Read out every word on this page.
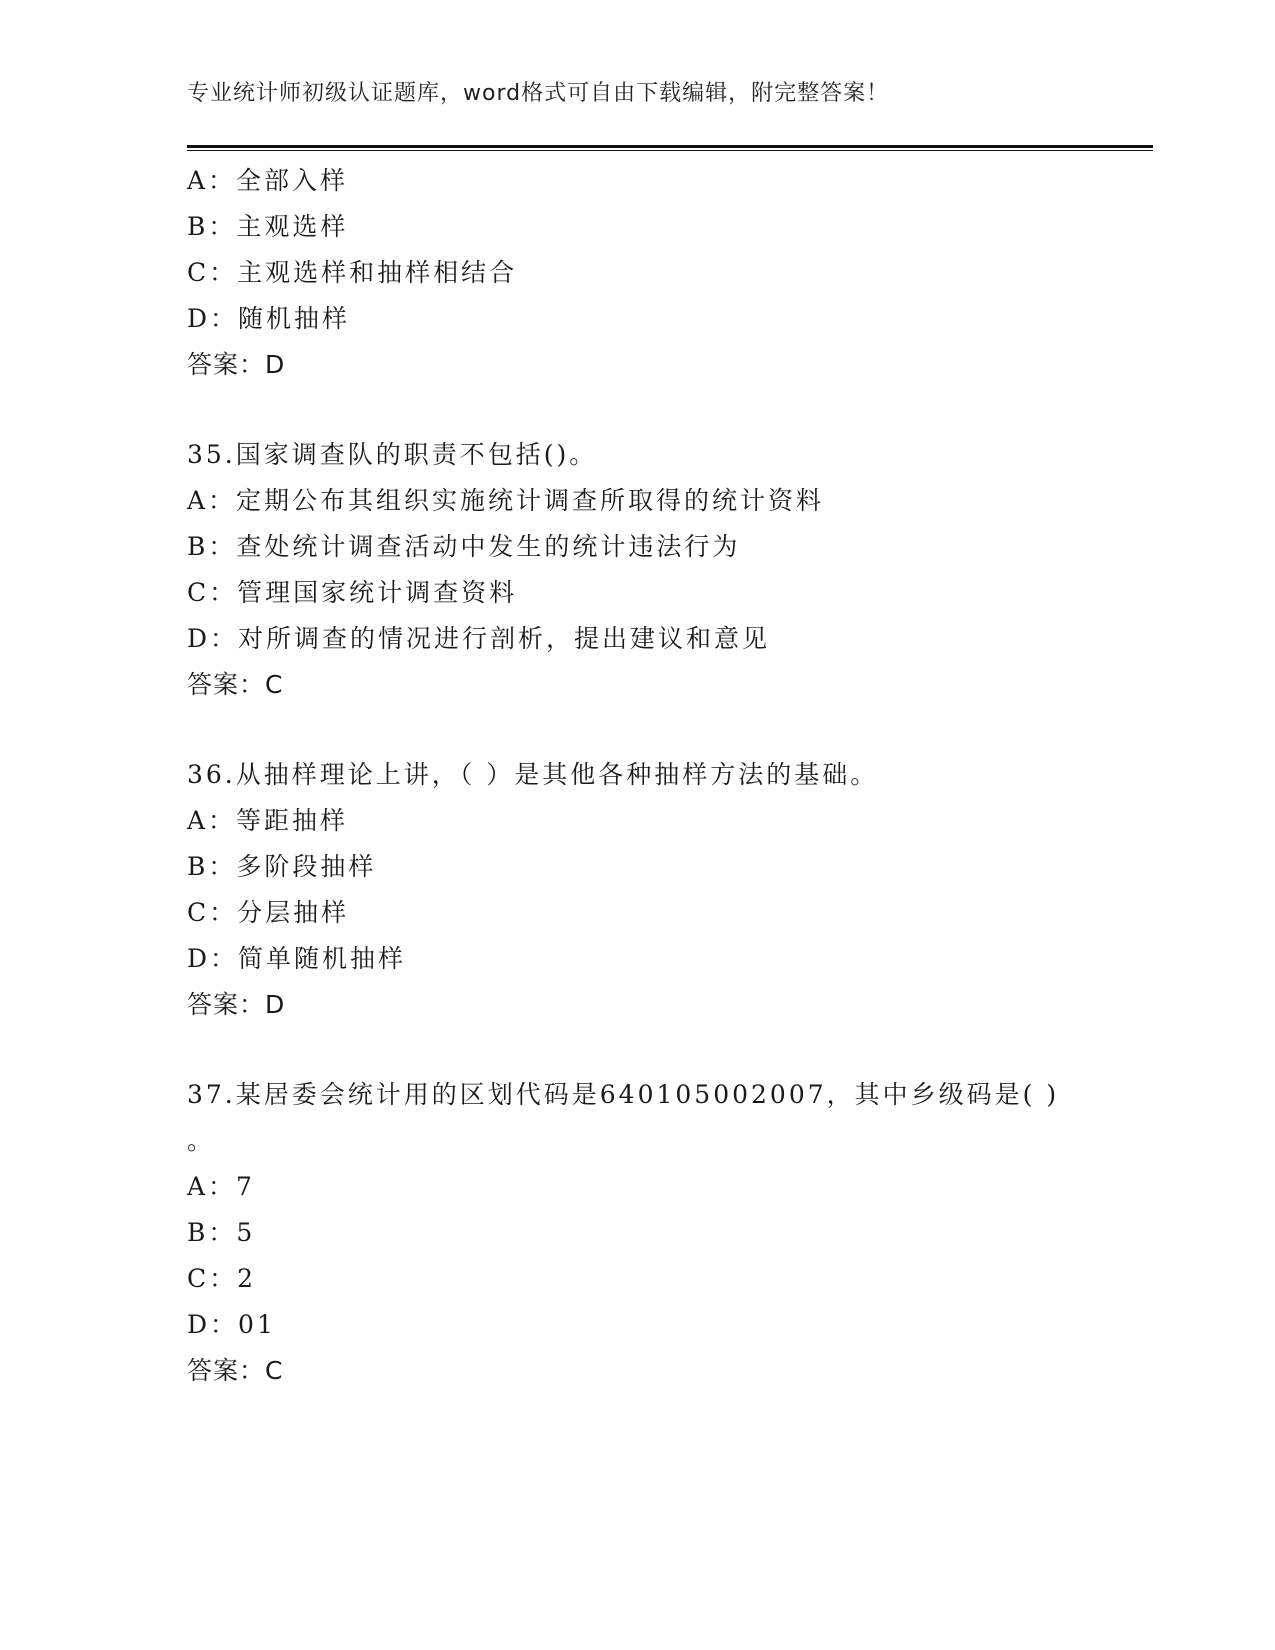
专业统计师初级认证题库，word格式可自由下载编辑，附完整答案！
A：全部入样
B：主观选样
C：主观选样和抽样相结合
D：随机抽样
答案：D
35.国家调查队的职责不包括()。
A：定期公布其组织实施统计调查所取得的统计资料
B：查处统计调查活动中发生的统计违法行为
C：管理国家统计调查资料
D：对所调查的情况进行剖析，提出建议和意见
答案：C
36.从抽样理论上讲，（ ）是其他各种抽样方法的基础。
A：等距抽样
B：多阶段抽样
C：分层抽样
D：简单随机抽样
答案：D
37.某居委会统计用的区划代码是640105002007，其中乡级码是( )
。
A：7
B：5
C：2
D：01
答案：C
